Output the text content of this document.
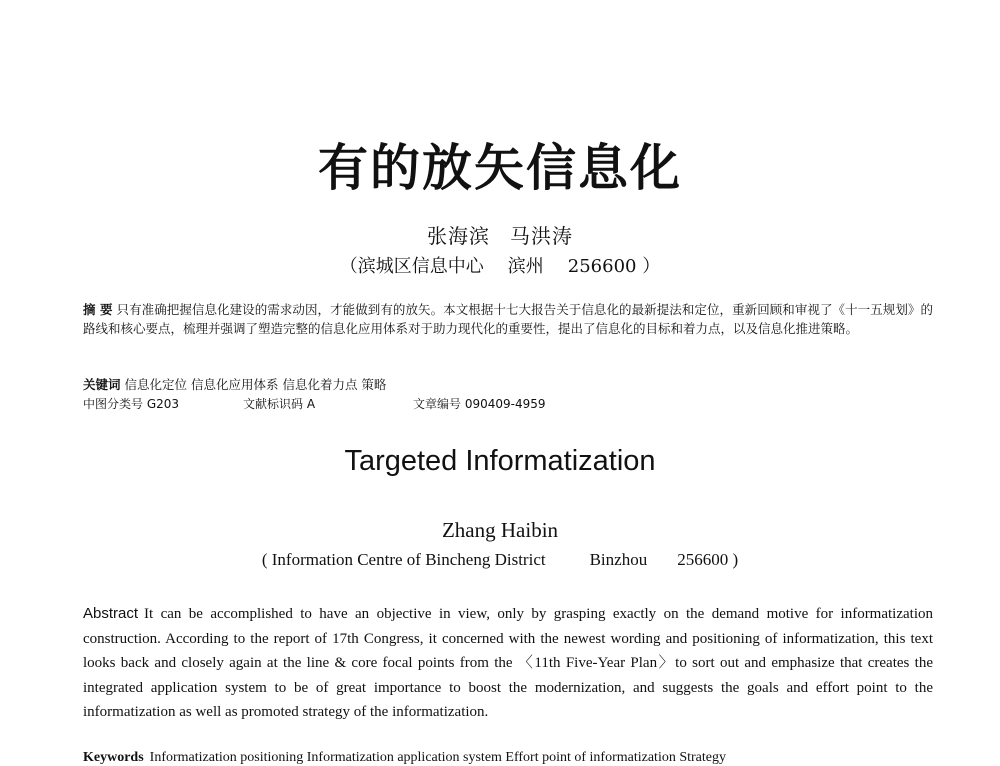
有的放矢信息化
张海滨 马洪涛
（滨城区信息中心 滨州 256600 ）
摘 要 只有准确把握信息化建设的需求动因，才能做到有的放矢。本文根据十七大报告关于信息化的最新提法和定位，重新回顾和审视了《十一五规划》的路线和核心要点，梳理并强调了塑造完整的信息化应用体系对于助力现代化的重要性，提出了信息化的目标和着力点，以及信息化推进策略。
关键词 信息化定位 信息化应用体系 信息化着力点 策略
中图分类号 G203	文献标识码 A	文章编号 090409-4959
Targeted Informatization
Zhang Haibin
( Information Centre of Bincheng District	Binzhou 256600 )
Abstract It can be accomplished to have an objective in view, only by grasping exactly on the demand motive for informatization construction. According to the report of 17th Congress, it concerned with the newest wording and positioning of informatization, this text looks back and closely again at the line & core focal points from the 〈11th Five-Year Plan〉to sort out and emphasize that creates the integrated application system to be of great importance to boost the modernization, and suggests the goals and effort point to the informatization as well as promoted strategy of the informatization.
Keywords Informatization positioning Informatization application system Effort point of informatization Strategy
